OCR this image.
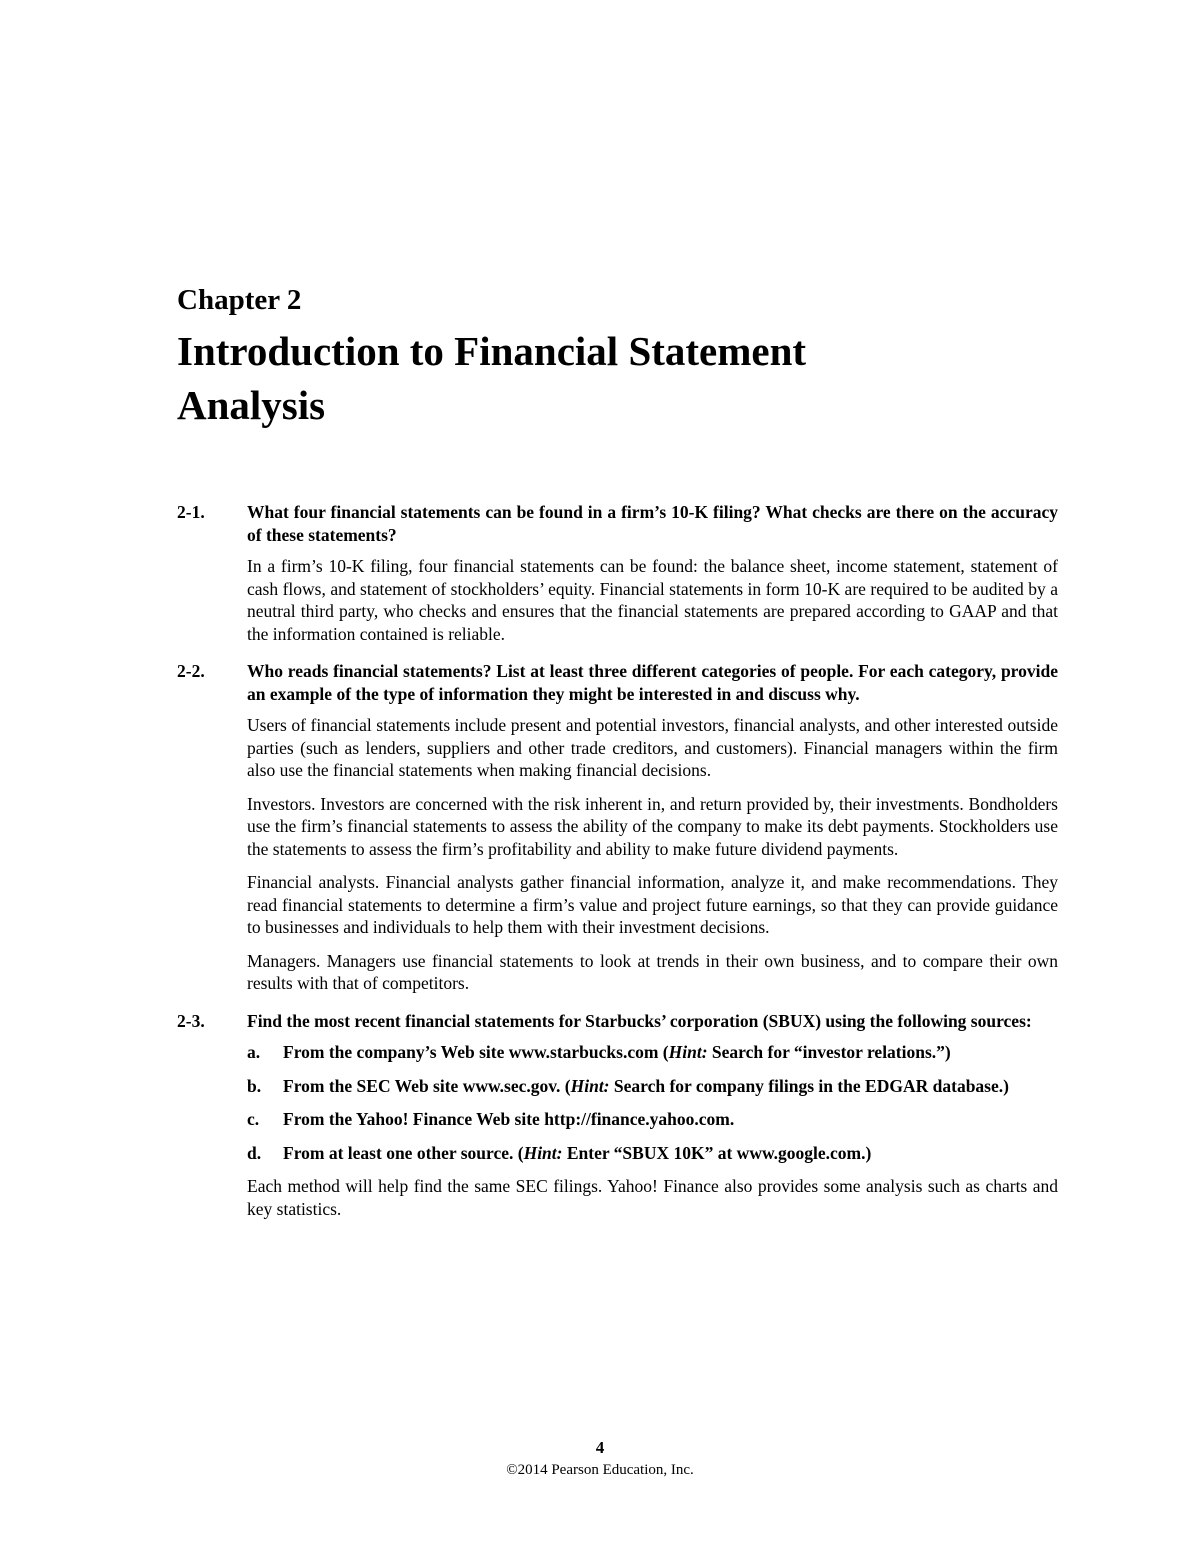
Chapter 2
Introduction to Financial Statement
Analysis
2-1. What four financial statements can be found in a firm’s 10-K filing? What checks are there on the accuracy of these statements?

In a firm’s 10-K filing, four financial statements can be found: the balance sheet, income statement, statement of cash flows, and statement of stockholders’ equity. Financial statements in form 10-K are required to be audited by a neutral third party, who checks and ensures that the financial statements are prepared according to GAAP and that the information contained is reliable.

2-2. Who reads financial statements? List at least three different categories of people. For each category, provide an example of the type of information they might be interested in and discuss why.

Users of financial statements include present and potential investors, financial analysts, and other interested outside parties (such as lenders, suppliers and other trade creditors, and customers). Financial managers within the firm also use the financial statements when making financial decisions.

Investors. Investors are concerned with the risk inherent in, and return provided by, their investments. Bondholders use the firm’s financial statements to assess the ability of the company to make its debt payments. Stockholders use the statements to assess the firm’s profitability and ability to make future dividend payments.

Financial analysts. Financial analysts gather financial information, analyze it, and make recommendations. They read financial statements to determine a firm’s value and project future earnings, so that they can provide guidance to businesses and individuals to help them with their investment decisions.

Managers. Managers use financial statements to look at trends in their own business, and to compare their own results with that of competitors.

2-3. Find the most recent financial statements for Starbucks’ corporation (SBUX) using the following sources:

a. From the company’s Web site www.starbucks.com (Hint: Search for “investor relations.”)
b. From the SEC Web site www.sec.gov. (Hint: Search for company filings in the EDGAR database.)
c. From the Yahoo! Finance Web site http://finance.yahoo.com.
d. From at least one other source. (Hint: Enter “SBUX 10K” at www.google.com.)

Each method will help find the same SEC filings. Yahoo! Finance also provides some analysis such as charts and key statistics.

4
©2014 Pearson Education, Inc.
